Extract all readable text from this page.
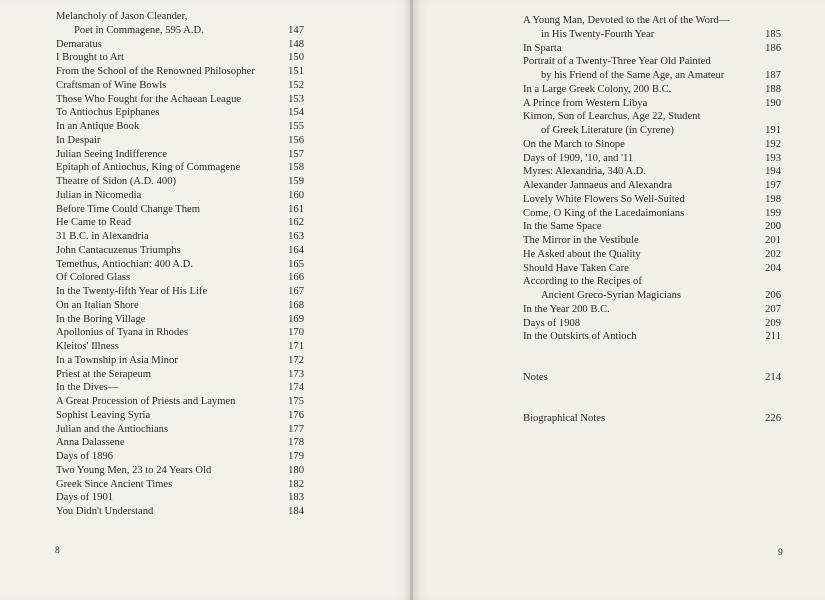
Melancholy of Jason Cleander,
Poet in Commagene, 595 A.D.	147
Demaratus	148
I Brought to Art	150
From the School of the Renowned Philosopher	151
Craftsman of Wine Bowls	152
Those Who Fought for the Achaean League	153
To Antiochus Epiphanes	154
In an Antique Book	155
In Despair	156
Julian Seeing Indifference	157
Epitaph of Antiochus, King of Commagene	158
Theatre of Sidon (A.D. 400)	159
Julian in Nicomedia	160
Before Time Could Change Them	161
He Came to Read	162
31 B.C. in Alexandria	163
John Cantacuzenus Triumphs	164
Temethus, Antiochian: 400 A.D.	165
Of Colored Glass	166
In the Twenty-fifth Year of His Life	167
On an Italian Shore	168
In the Boring Village	169
Apollonius of Tyana in Rhodes	170
Kleitos' Illness	171
In a Township in Asia Minor	172
Priest at the Serapeum	173
In the Dives—	174
A Great Procession of Priests and Laymen	175
Sophist Leaving Syria	176
Julian and the Antiochians	177
Anna Dalassene	178
Days of 1896	179
Two Young Men, 23 to 24 Years Old	180
Greek Since Ancient Times	182
Days of 1901	183
You Didn't Understand	184
8
A Young Man, Devoted to the Art of the Word—
in His Twenty-Fourth Year	185
In Sparta	186
Portrait of a Twenty-Three Year Old Painted
by his Friend of the Same Age, an Amateur	187
In a Large Greek Colony, 200 B.C.	188
A Prince from Western Libya	190
Kimon, Son of Learchus, Age 22, Student
of Greek Literature (in Cyrene)	191
On the March to Sinope	192
Days of 1909, '10, and '11	193
Myres: Alexandria, 340 A.D.	194
Alexander Jannaeus and Alexandra	197
Lovely White Flowers So Well-Suited	198
Come, O King of the Lacedaimonians	199
In the Same Space	200
The Mirror in the Vestibule	201
He Asked about the Quality	202
Should Have Taken Care	204
According to the Recipes of
Ancient Greco-Syrian Magicians	206
In the Year 200 B.C.	207
Days of 1908	209
In the Outskirts of Antioch	211
Notes	214
Biographical Notes	226
9
